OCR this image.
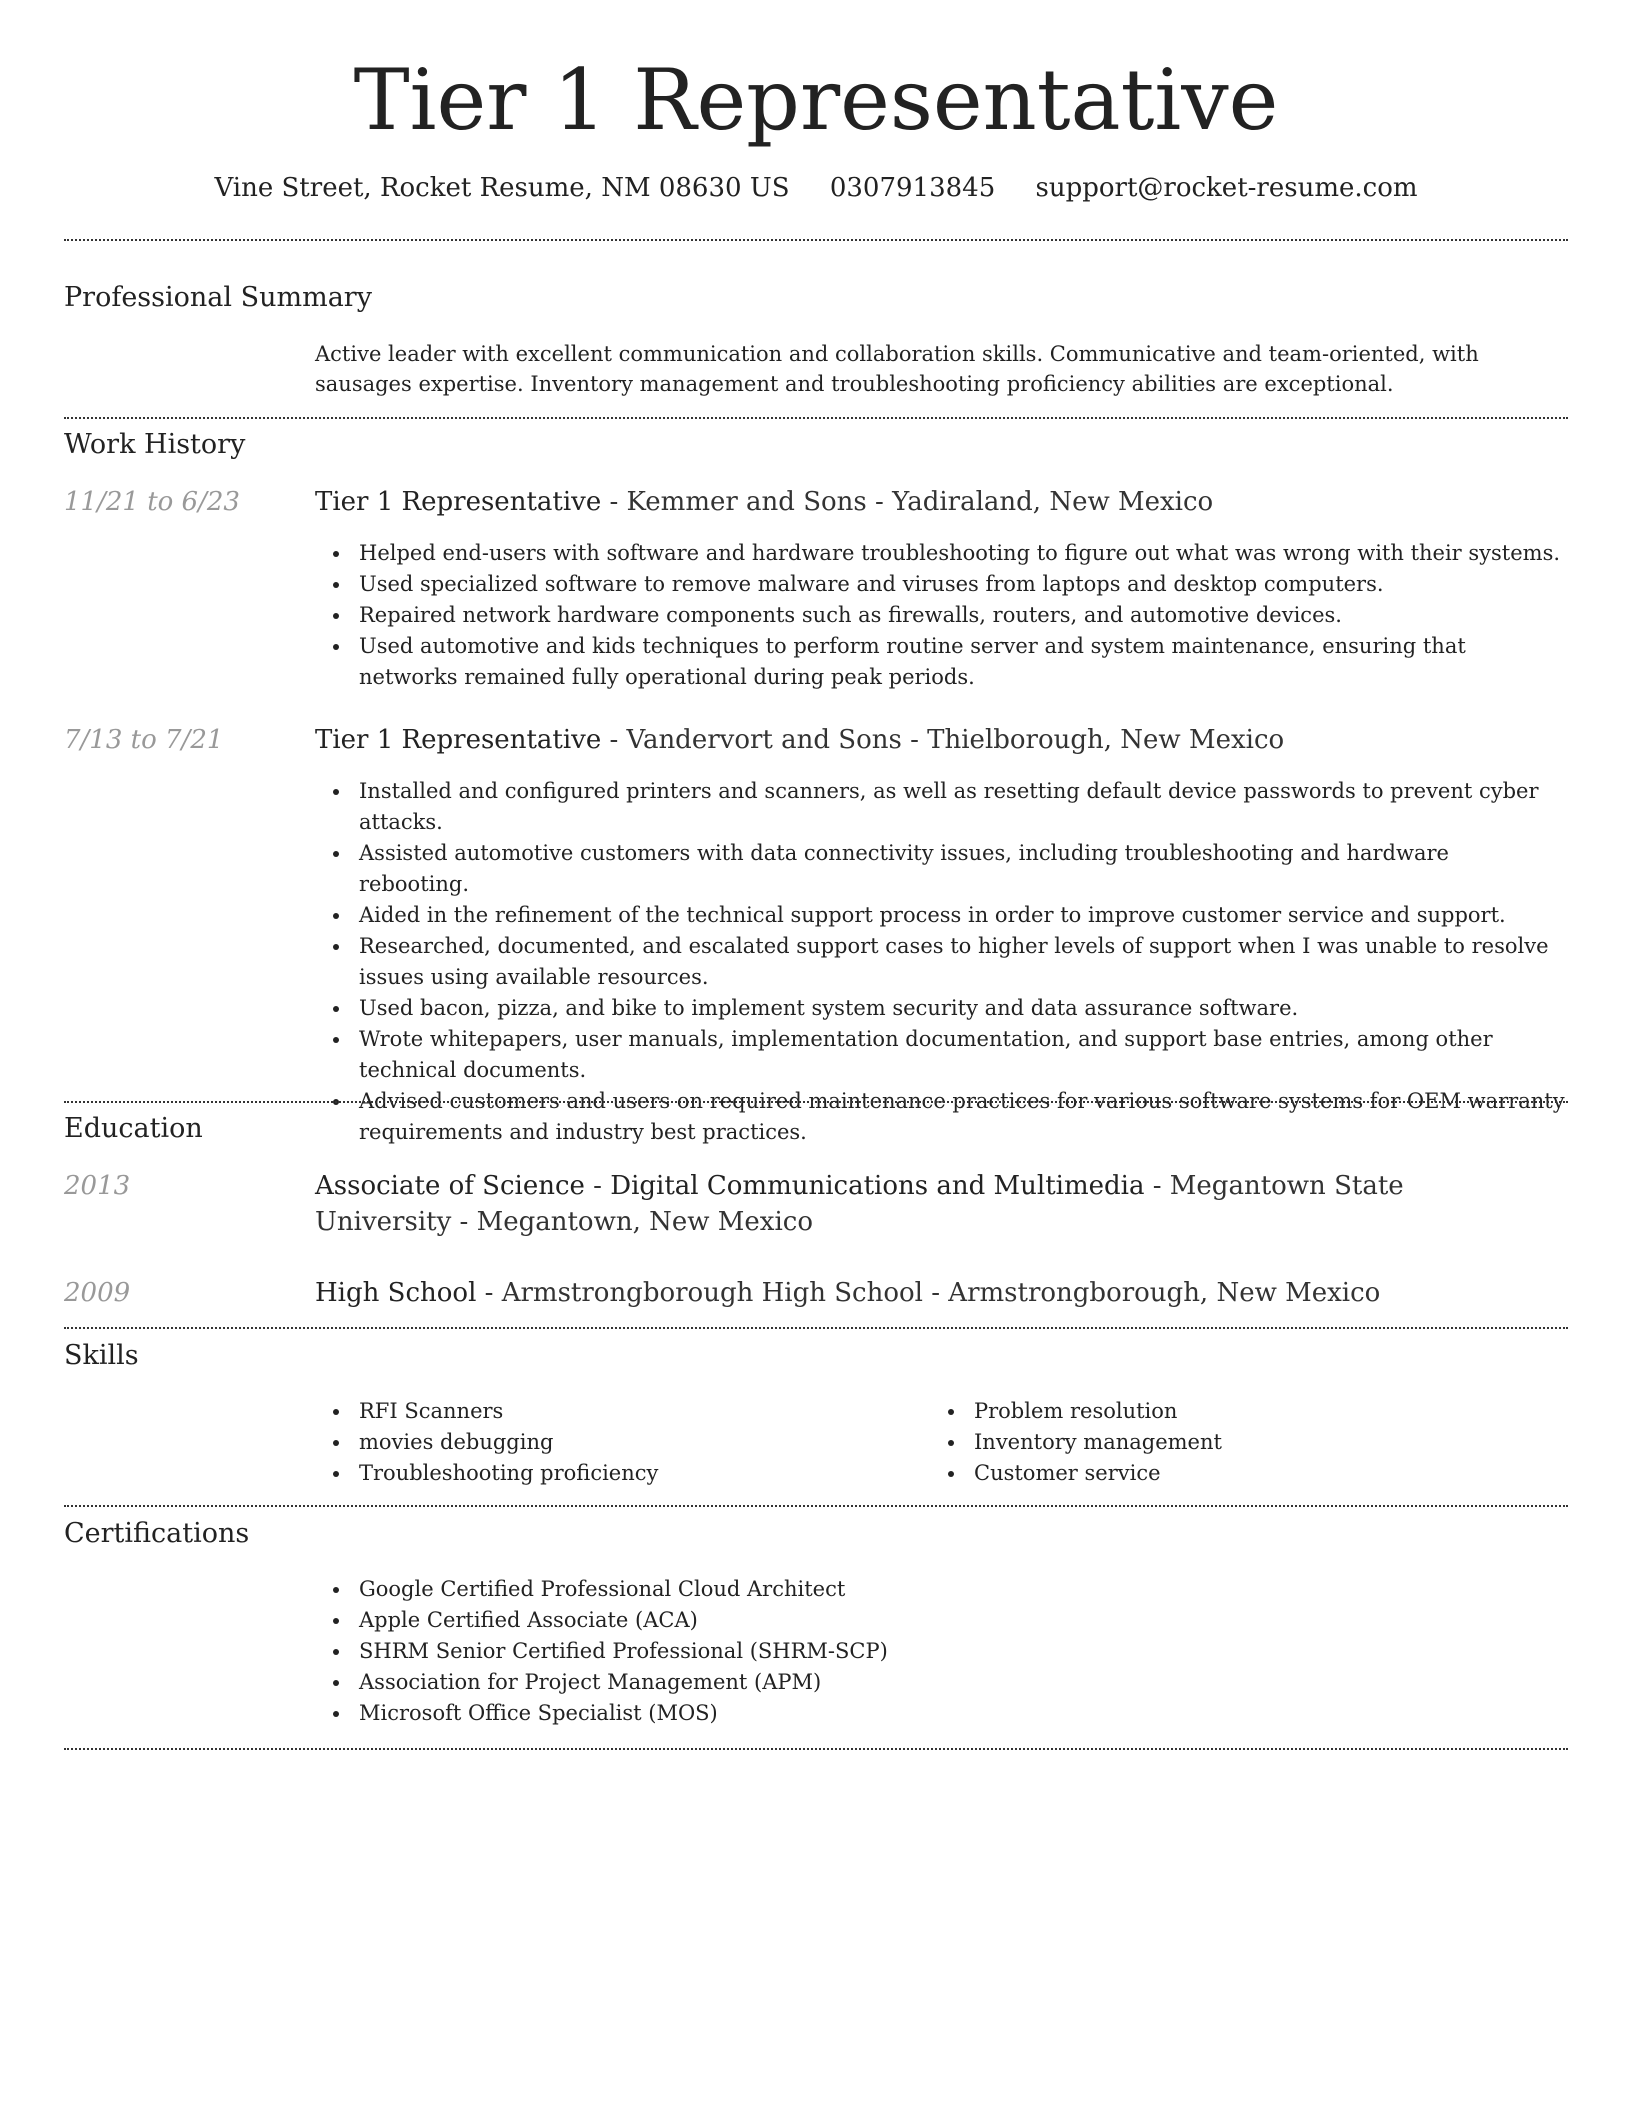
Tier 1 Representative
Vine Street, Rocket Resume, NM 08630 US 0307913845 support@rocket-resume.com
Professional Summary

Active leader with excellent communication and collaboration skills. Communicative and team-oriented, with sausages expertise. Inventory management and troubleshooting proficiency abilities are exceptional.

Work History
11/21 to 6/23	Tier 1 Representative - Kemmer and Sons - Yadiraland, New Mexico
Helped end-users with software and hardware troubleshooting to figure out what was wrong with their systems.
Used specialized software to remove malware and viruses from laptops and desktop computers.
Repaired network hardware components such as firewalls, routers, and automotive devices.
Used automotive and kids techniques to perform routine server and system maintenance, ensuring that networks remained fully operational during peak periods.
7/13 to 7/21	Tier 1 Representative - Vandervort and Sons - Thielborough, New Mexico
Installed and configured printers and scanners, as well as resetting default device passwords to prevent cyber attacks.
Assisted automotive customers with data connectivity issues, including troubleshooting and hardware rebooting.
Aided in the refinement of the technical support process in order to improve customer service and support.
Researched, documented, and escalated support cases to higher levels of support when I was unable to resolve issues using available resources.
Used bacon, pizza, and bike to implement system security and data assurance software.
Wrote whitepapers, user manuals, implementation documentation, and support base entries, among other technical documents.
Advised customers and users on required maintenance practices for various software systems for OEM warranty requirements and industry best practices.
Education
2013	Associate of Science - Digital Communications and Multimedia - Megantown State University - Megantown, New Mexico
2009	High School - Armstrongborough High School - Armstrongborough, New Mexico
Skills
RFI Scanners
movies debugging
Troubleshooting proficiency
Problem resolution
Inventory management
Customer service
Certifications
Google Certified Professional Cloud Architect
Apple Certified Associate (ACA)
SHRM Senior Certified Professional (SHRM-SCP)
Association for Project Management (APM)
Microsoft Office Specialist (MOS)
